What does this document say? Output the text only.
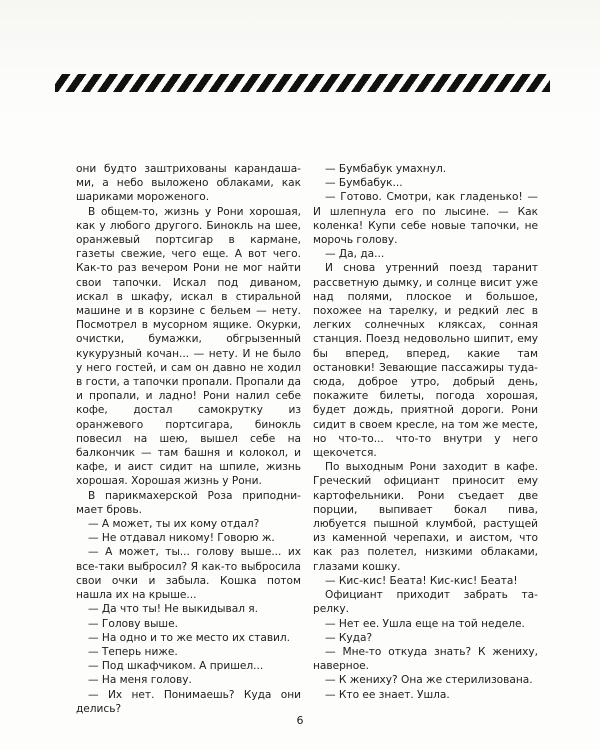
они будто заштрихованы карандашами, а небо выложено облаками, как шариками мороженого.

В общем-то, жизнь у Рони хорошая, как у любого другого. Бинокль на шее, оранжевый портсигар в кармане, газеты свежие, чего еще. А вот чего. Как-то раз вечером Рони не мог найти свои тапочки. Искал под диваном, искал в шкафу, искал в стиральной машине и в корзине с бельем — нету. Посмотрел в мусорном ящике. Окурки, очистки, бумажки, обгрызенный кукурузный кочан... — нету. И не было у него гостей, и сам он давно не ходил в гости, а тапочки пропали. Пропали да и пропали, и ладно! Рони налил себе кофе, достал самокрутку из оранжевого портсигара, бинокль повесил на шею, вышел себе на балкончик — там башня и колокол, и кафе, и аист сидит на шпиле, жизнь хорошая. Хорошая жизнь у Рони.

В парикмахерской Роза приподнимает бровь.

— А может, ты их кому отдал?

— Не отдавал никому! Говорю ж.

— А может, ты... голову выше... их все-таки выбросил? Я как-то выбросила свои очки и забыла. Кошка потом нашла их на крыше...

— Да что ты! Не выкидывал я.

— Голову выше.

— На одно и то же место их ставил.

— Теперь ниже.

— Под шкафчиком. А пришел...

— На меня голову.

— Их нет. Понимаешь? Куда они делись?

— Бумбабук умахнул.

— Бумбабук...

— Готово. Смотри, как гладенько! — И шлепнула его по лысине. — Как коленка! Купи себе новые тапочки, не морочь голову.

— Да, да...

И снова утренний поезд таранит рассветную дымку, и солнце висит уже над полями, плоское и большое, похожее на тарелку, и редкий лес в легких солнечных кляксах, сонная станция. Поезд недовольно шипит, ему бы вперед, вперед, какие там остановки! Зевающие пассажиры туда-сюда, доброе утро, добрый день, покажите билеты, погода хорошая, будет дождь, приятной дороги. Рони сидит в своем кресле, на том же месте, но что-то... что-то внутри у него щекочется.

По выходным Рони заходит в кафе. Греческий официант приносит ему картофельники. Рони съедает две порции, выпивает бокал пива, любуется пышной клумбой, растущей из каменной черепахи, и аистом, что как раз полетел, низкими облаками, глазами кошку.

— Кис-кис! Беата! Кис-кис! Беата!

Официант приходит забрать тарелку.

— Нет ее. Ушла еще на той неделе.

— Куда?

— Мне-то откуда знать? К жениху, наверное.

— К жениху? Она же стерилизована.

— Кто ее знает. Ушла.

6
